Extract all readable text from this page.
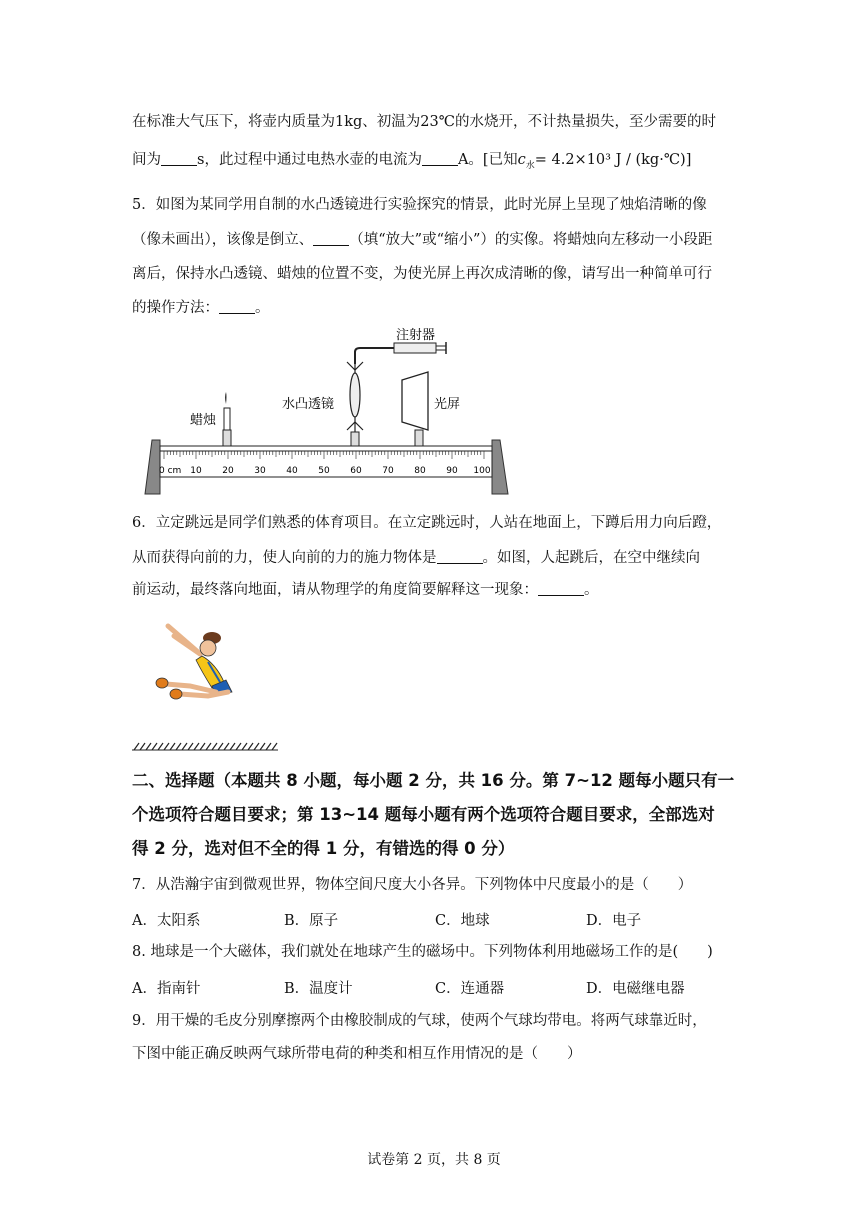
在标准大气压下，将壶内质量为1kg、初温为23℃的水烧开，不计热量损失，至少需要的时
间为 s，此过程中通过电热水壶的电流为 A。[已知$c_水= 4.2\times 10^3$ J / (kg·℃)]
5．如图为某同学用自制的水凸透镜进行实验探究的情景，此时光屏上呈现了烛焰清晰的像
（像未画出），该像是倒立、 （填“放大”或“缩小”）的实像。将蜡烛向左移动一小段距
离后，保持水凸透镜、蜡烛的位置不变，为使光屏上再次成清晰的像，请写出一种简单可行
的操作方法： 。
0 cm 10 20 30 40 50 60 70 80 90 100
蜡烛
水凸透镜
注射器
光屏
6．立定跳远是同学们熟悉的体育项目。在立定跳远时，人站在地面上，下蹲后用力向后蹬，
从而获得向前的力，使人向前的力的施力物体是	。如图，人起跳后，在空中继续向
前运动，最终落向地面，请从物理学的角度简要解释这一现象：	。
二、选择题（本题共 8 小题，每小题 2 分，共 16 分。第 7~12 题每小题只有一
个选项符合题目要求；第 13~14 题每小题有两个选项符合题目要求，全部选对
得 2 分，选对但不全的得 1 分，有错选的得 0 分）
7．从浩瀚宇宙到微观世界，物体空间尺度大小各异。下列物体中尺度最小的是（　　）
A．太阳系	B．原子	C．地球	D．电子
8. 地球是一个大磁体，我们就处在地球产生的磁场中。下列物体利用地磁场工作的是(　　)
A．指南针	B．温度计	C．连通器	D．电磁继电器
9．用干燥的毛皮分别摩擦两个由橡胶制成的气球，使两个气球均带电。将两气球靠近时，
下图中能正确反映两气球所带电荷的种类和相互作用情况的是（　　）
试卷第 2 页，共 8 页
